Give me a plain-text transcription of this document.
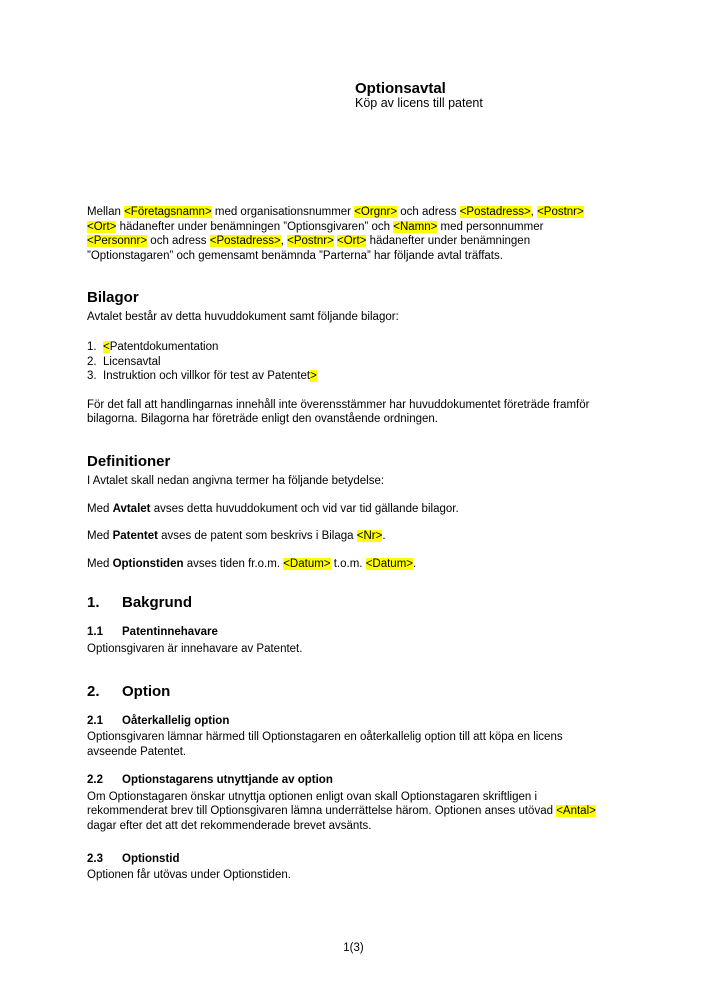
Optionsavtal
Köp av licens till patent
Mellan <Företagsnamn> med organisationsnummer <Orgnr> och adress <Postadress>, <Postnr>
<Ort> hädanefter under benämningen ”Optionsgivaren” och <Namn> med personnummer
<Personnr> och adress <Postadress>, <Postnr> <Ort> hädanefter under benämningen
”Optionstagaren” och gemensamt benämnda ”Parterna” har följande avtal träffats.
Bilagor
Avtalet består av detta huvuddokument samt följande bilagor:
1. <Patentdokumentation
2. Licensavtal
3. Instruktion och villkor för test av Patentet>
För det fall att handlingarnas innehåll inte överensstämmer har huvuddokumentet företräde framför
bilagorna. Bilagorna har företräde enligt den ovanstående ordningen.
Definitioner
I Avtalet skall nedan angivna termer ha följande betydelse:
Med Avtalet avses detta huvuddokument och vid var tid gällande bilagor.
Med Patentet avses de patent som beskrivs i Bilaga <Nr>.
Med Optionstiden avses tiden fr.o.m. <Datum> t.o.m. <Datum>.
1. Bakgrund
1.1 Patentinnehavare
Optionsgivaren är innehavare av Patentet.
2. Option
2.1 Oåterkallelig option
Optionsgivaren lämnar härmed till Optionstagaren en oåterkallelig option till att köpa en licens
avseende Patentet.
2.2 Optionstagarens utnyttjande av option
Om Optionstagaren önskar utnyttja optionen enligt ovan skall Optionstagaren skriftligen i
rekommenderat brev till Optionsgivaren lämna underrättelse härom. Optionen anses utövad <Antal>
dagar efter det att det rekommenderade brevet avsänts.
2.3 Optionstid
Optionen får utövas under Optionstiden.
1(3)
